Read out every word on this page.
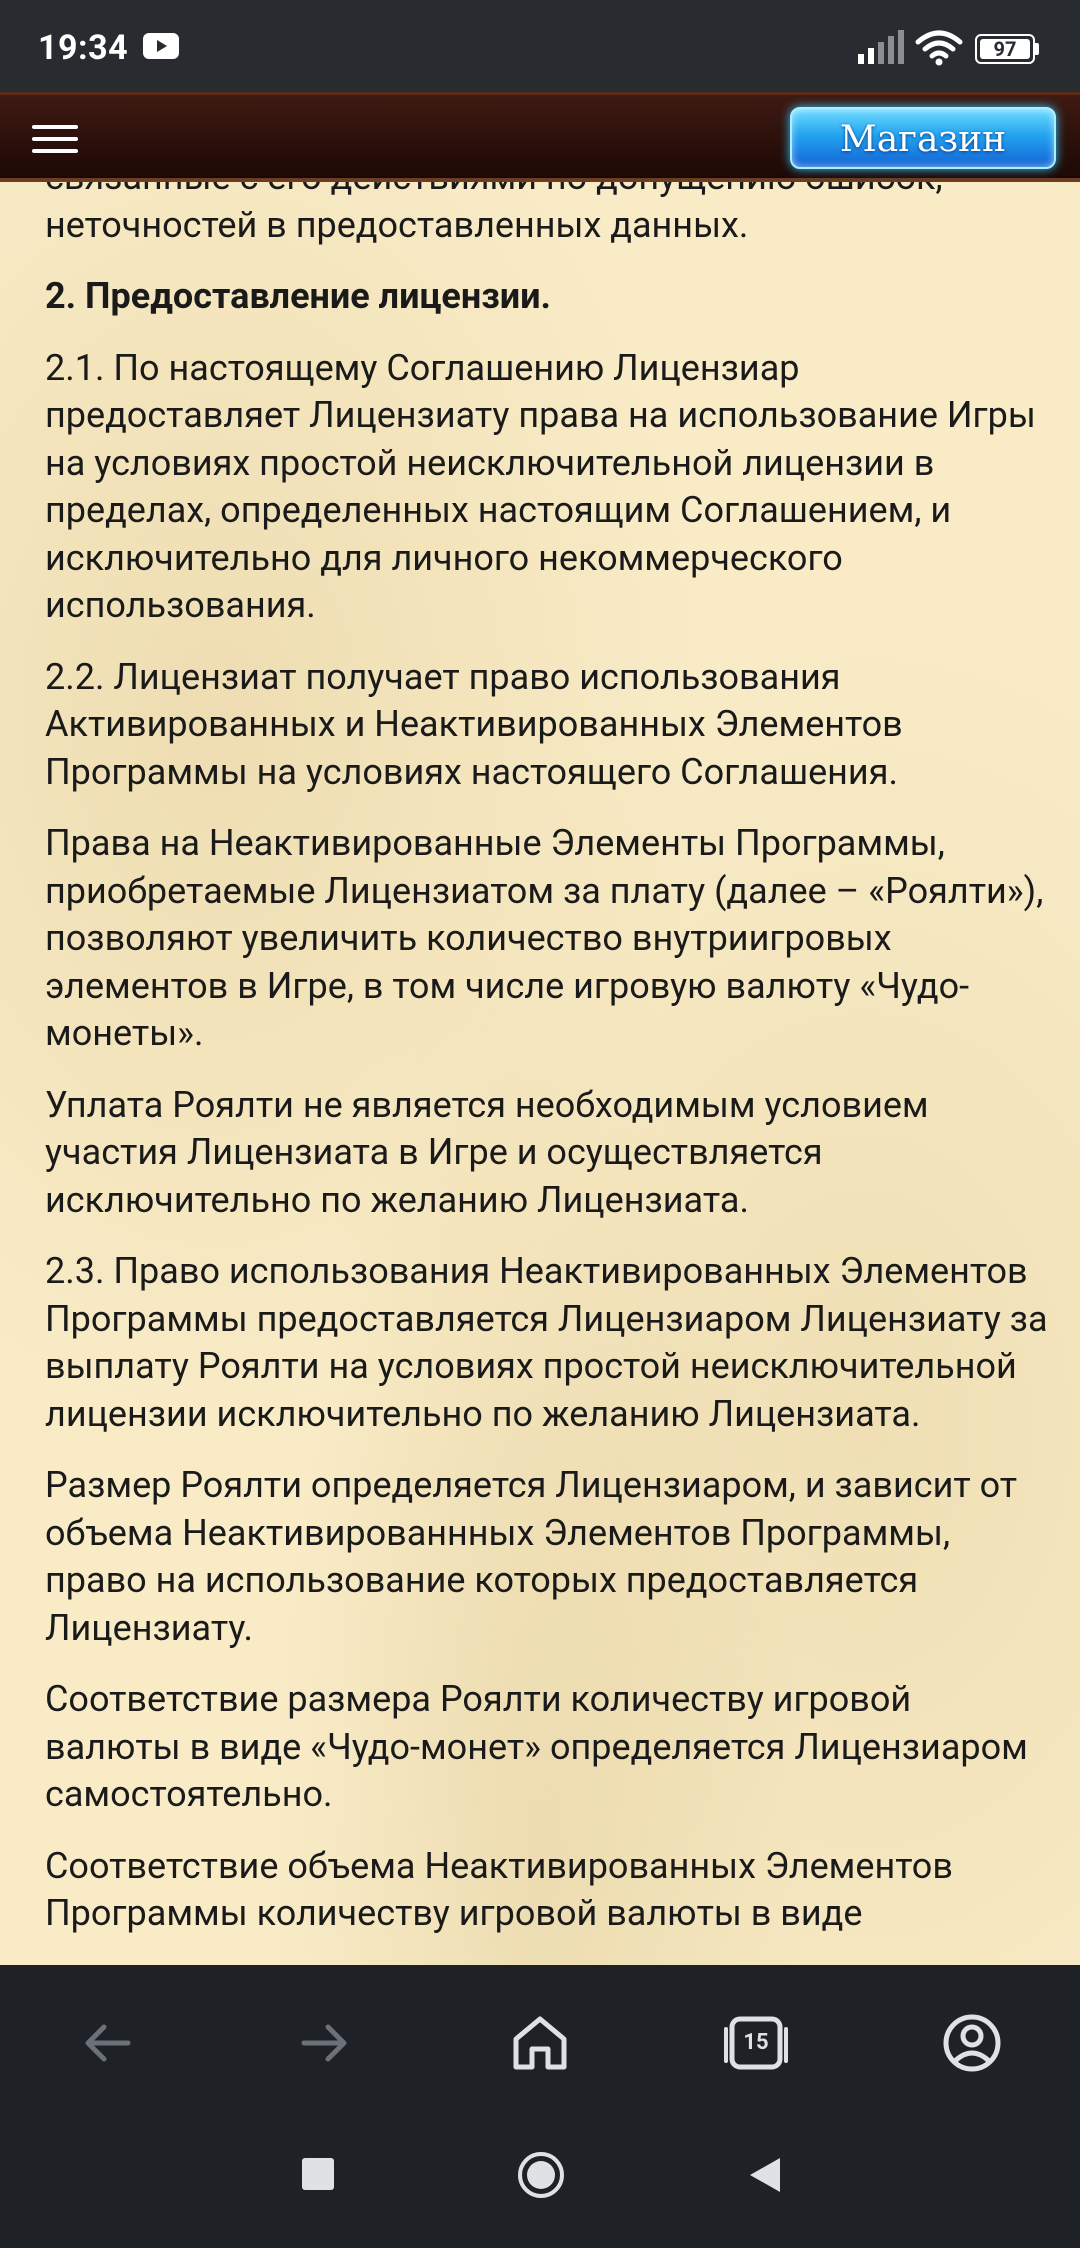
19:34	97
Магазин

неточностей в предоставленных данных.

2. Предоставление лицензии.

2.1. По настоящему Соглашению Лицензиар предоставляет Лицензиату права на использование Игры на условиях простой неисключительной лицензии в пределах, определенных настоящим Соглашением, и исключительно для личного некоммерческого использования.

2.2. Лицензиат получает право использования Активированных и Неактивированных Элементов Программы на условиях настоящего Соглашения.

Права на Неактивированные Элементы Программы, приобретаемые Лицензиатом за плату (далее – «Роялти»), позволяют увеличить количество внутриигровых элементов в Игре, в том числе игровую валюту «Чудо-монеты».

Уплата Роялти не является необходимым условием участия Лицензиата в Игре и осуществляется исключительно по желанию Лицензиата.

2.3. Право использования Неактивированных Элементов Программы предоставляется Лицензиаром Лицензиату за выплату Роялти на условиях простой неисключительной лицензии исключительно по желанию Лицензиата.

Размер Роялти определяется Лицензиаром, и зависит от объема Неактивированнных Элементов Программы, право на использование которых предоставляется Лицензиату.

Соответствие размера Роялти количеству игровой валюты в виде «Чудо-монет» определяется Лицензиаром самостоятельно.

Соответствие объема Неактивированных Элементов Программы количеству игровой валюты в виде

15
